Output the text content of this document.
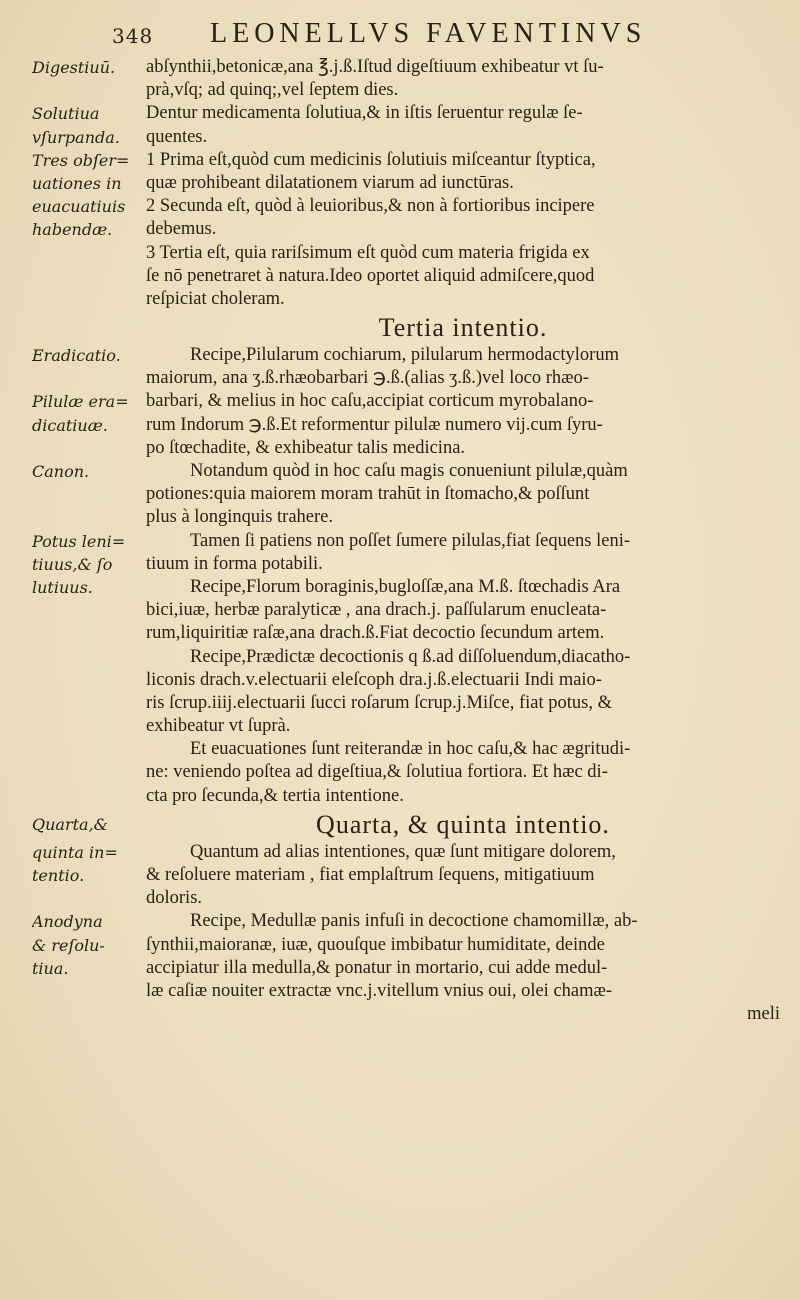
348 LEONELLVS FAVENTINVS
Digestiuū.	abſynthii,betonicæ,ana ℥.j.ß.Iſtud digeſtiuum exhibeatur vt ſu-
prà,vſq; ad quinq;,vel ſeptem dies.
Solutiua	Dentur medicamenta ſolutiua,& in iſtis ſeruentur regulæ ſe-
vſurpanda.	quentes.
Tres obſer= 1 Prima eſt,quòd cum medicinis ſolutiuis miſceantur ſtyptica,
uationes in	quæ prohibeant dilatationem viarum ad iunctūras.
euacuatiuis	2 Secunda eſt, quòd à leuioribus,& non à fortioribus incipere
habendæ.	debemus.
3 Tertia eſt, quia rariſsimum eſt quòd cum materia frigida ex
ſe nō penetraret à natura.Ideo oportet aliquid admiſcere,quod
reſpiciat choleram.
Tertia intentio.
Eradicatio.	Recipe,Pilularum cochiarum, pilularum hermodactylorum
maiorum, ana ʒ.ß.rhæobarbari ℈.ß.(alias ʒ.ß.)vel loco rhæo-
Pilulæ era= barbari, & melius in hoc caſu,accipiat corticum myrobalano-
dicatiuæ.	rum Indorum ℈.ß.Et reformentur pilulæ numero vij.cum ſyru-
po ſtœchadite, & exhibeatur talis medicina.
Canon.	Notandum quòd in hoc caſu magis conueniunt pilulæ,quàm
potiones:quia maiorem moram trahūt in ſtomacho,& poſſunt
plus à longinquis trahere.
Potus leni=	Tamen ſi patiens non poſſet ſumere pilulas,fiat ſequens leni-
tiuus,& ſo	tiuum in forma potabili.
lutiuus.	Recipe,Florum boraginis,bugloſſæ,ana M.ß. ſtœchadis Ara
bici,iuæ, herbæ paralyticæ , ana drach.j. paſſularum enucleata-
rum,liquiritiæ raſæ,ana drach.ß.Fiat decoctio ſecundum artem.
Recipe,Prædictæ decoctionis q ß.ad diſſoluendum,diacatho-
liconis drach.v.electuarii eleſcoph dra.j.ß.electuarii Indi maio-
ris ſcrup.iiij.electuarii ſucci roſarum ſcrup.j.Miſce, fiat potus, &
exhibeatur vt ſuprà.
Et euacuationes ſunt reiterandæ in hoc caſu,& hac ægritudi-
ne: veniendo poſtea ad digeſtiua,& ſolutiua fortiora. Et hæc di-
cta pro ſecunda,& tertia intentione.
Quarta,&	Quarta, & quinta intentio.
quinta in=	Quantum ad alias intentiones, quæ ſunt mitigare dolorem,
tentio.	& reſoluere materiam , fiat emplaſtrum ſequens, mitigatiuum
doloris.
Anodyna	Recipe, Medullæ panis infuſi in decoctione chamomillæ, ab-
& reſolu-	ſynthii,maioranæ, iuæ, quouſque imbibatur humiditate, deinde
tiua.	accipiatur illa medulla,& ponatur in mortario, cui adde medul-
læ caſiæ nouiter extractæ vnc.j.vitellum vnius oui, olei chamæ-
meli
